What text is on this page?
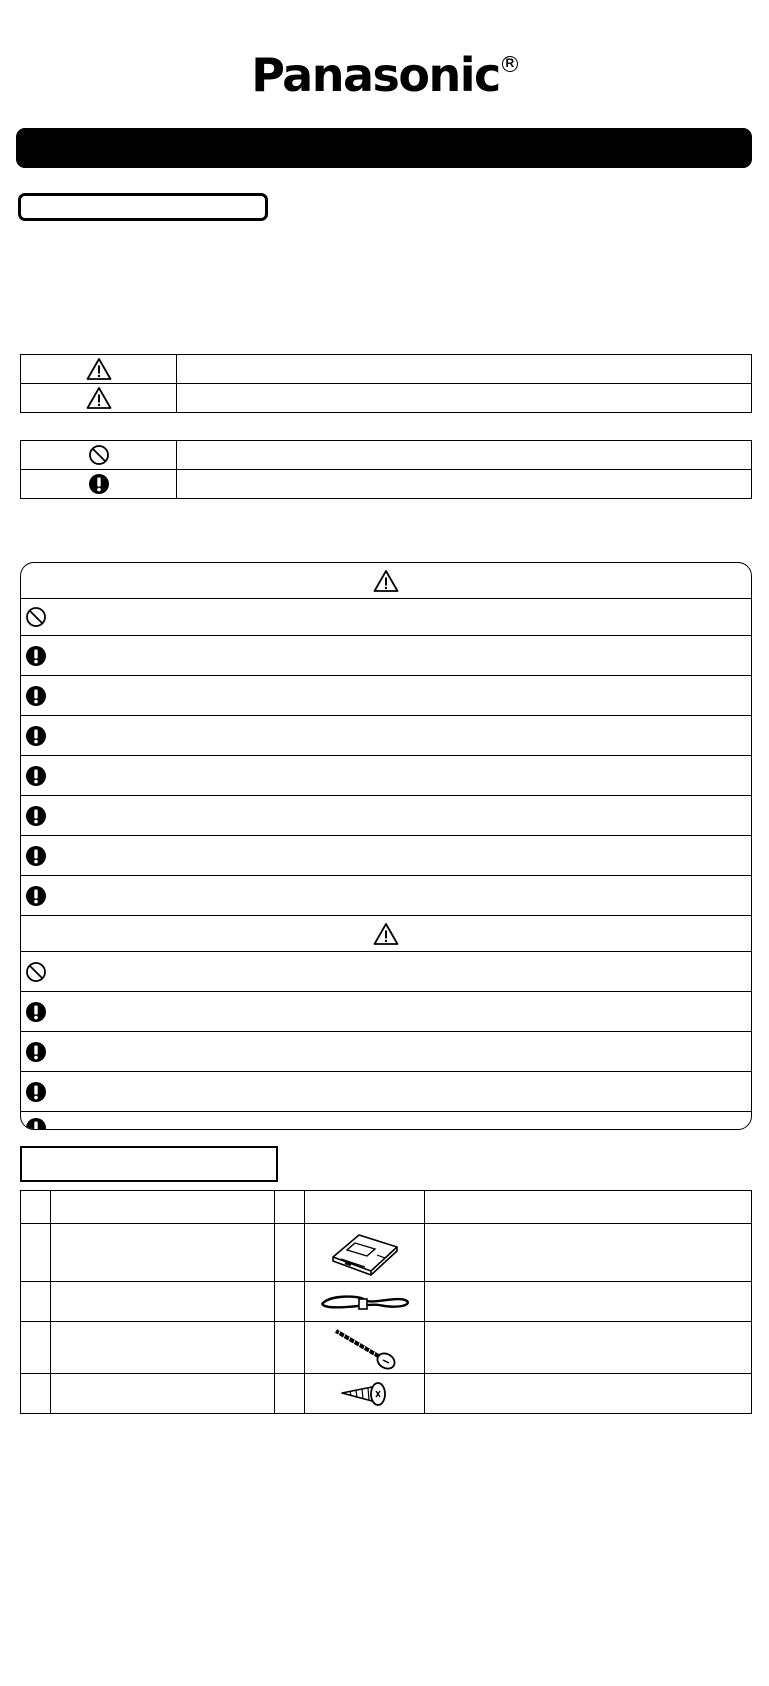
Panasonic R
